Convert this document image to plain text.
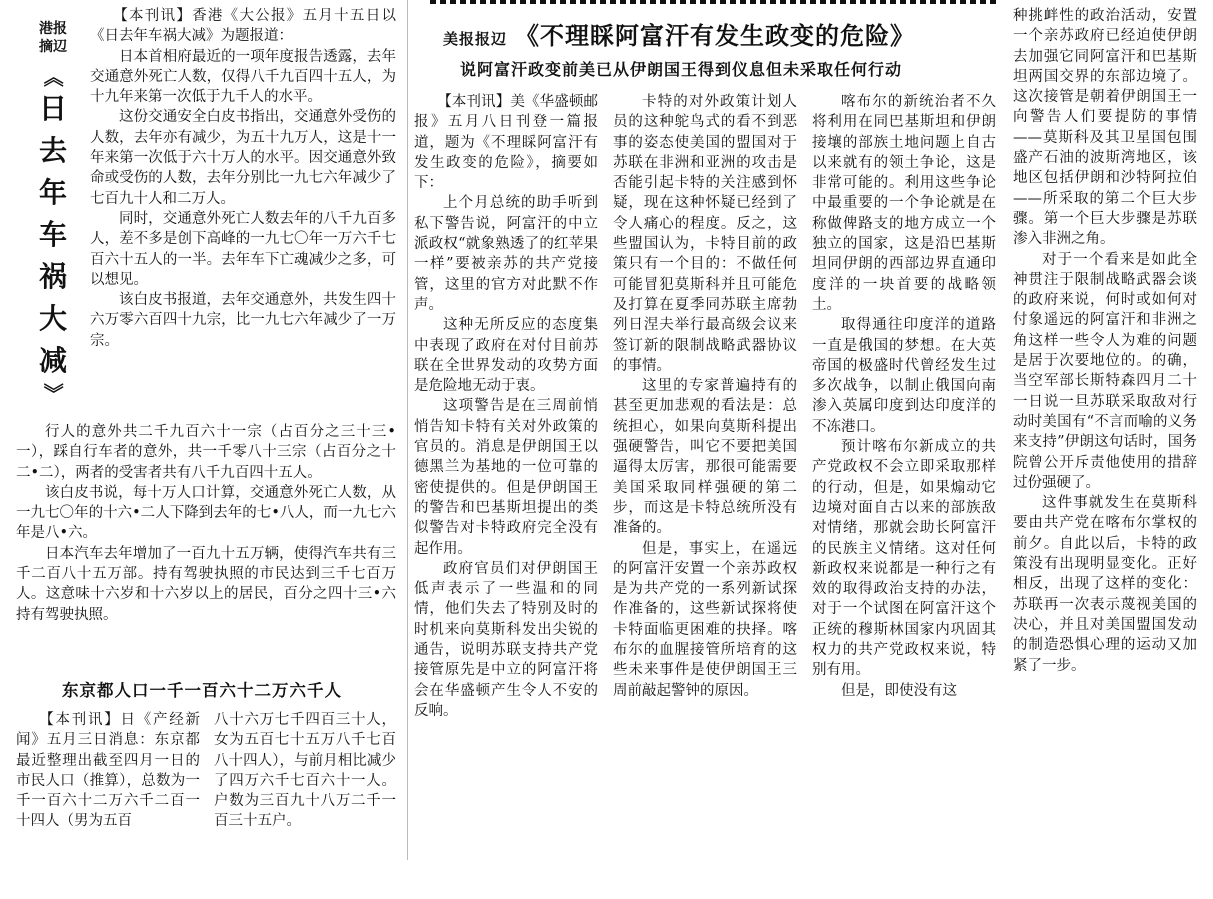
港报
摘辺
《
日
去
年
车
祸
大
减
》

【本刊讯】香港《大公报》五月十五日以《日去年车祸大减》为题报道：

日本首相府最近的一项年度报告透露，去年交通意外死亡人数，仅得八千九百四十五人，为十九年来第一次低于九千人的水平。

这份交通安全白皮书指出，交通意外受伤的人数，去年亦有减少，为五十九万人，这是十一年来第一次低于六十万人的水平。因交通意外致命或受伤的人数，去年分别比一九七六年减少了七百九十人和二万人。

同时，交通意外死亡人数去年的八千九百多人，差不多是创下高峰的一九七〇年一万六千七百六十五人的一半。去年车下亡魂减少之多，可以想见。

该白皮书报道，去年交通意外，共发生四十六万零六百四十九宗，比一九七六年减少了一万宗。

行人的意外共二千九百六十一宗（占百分之三十三•一），踩自行车者的意外，共一千零八十三宗（占百分之十二•二），两者的受害者共有八千九百四十五人。

该白皮书说，每十万人口计算，交通意外死亡人数，从一九七〇年的十六•二人下降到去年的七•八人，而一九七六年是八•六。

日本汽车去年增加了一百九十五万辆，使得汽车共有三千二百八十五万部。持有驾驶执照的市民达到三千七百万人。这意味十六岁和十六岁以上的居民，百分之四十三•六持有驾驶执照。

东京都人口一千一百六十二万六千人

【本刊讯】日《产经新闻》五月三日消息：东京都最近整理出截至四月一日的市民人口（推算），总数为一千一百六十二万六千二百一十四人（男为五百

八十六万七千四百三十人，女为五百七十五万八千七百八十四人），与前月相比减少了四万六千七百六十一人。户数为三百九十八万二千一百三十五户。

美报报辺 《不理睬阿富汗有发生政变的危险》
说阿富汗政变前美已从伊朗国王得到仪息但未采取任何行动

【本刊讯】美《华盛顿邮报》五月八日刊登一篇报道，题为《不理睬阿富汗有发生政变的危险》，摘要如下：

上个月总统的助手听到私下警告说，阿富汗的中立派政权“就象熟透了的红苹果一样”要被亲苏的共产党接管，这里的官方对此默不作声。

这种无所反应的态度集中表现了政府在对付目前苏联在全世界发动的攻势方面是危险地无动于衷。

这项警告是在三周前悄悄告知卡特有关对外政策的官员的。消息是伊朗国王以德黑兰为基地的一位可靠的密使提供的。但是伊朗国王的警告和巴基斯坦提出的类似警告对卡特政府完全没有起作用。

政府官员们对伊朗国王低声表示了一些温和的同情，他们失去了特别及时的时机来向莫斯科发出尖锐的通告，说明苏联支持共产党接管原先是中立的阿富汗将会在华盛顿产生令人不安的反响。

卡特的对外政策计划人员的这种鸵鸟式的看不到恶事的姿态使美国的盟国对于苏联在非洲和亚洲的攻击是否能引起卡特的关注感到怀疑，现在这种怀疑已经到了令人痛心的程度。反之，这些盟国认为，卡特目前的政策只有一个目的：不做任何可能冒犯莫斯科并且可能危及打算在夏季同苏联主席勃列日涅夫举行最高级会议来签订新的限制战略武器协议的事情。

这里的专家普遍持有的甚至更加悲观的看法是：总统担心，如果向莫斯科提出强硬警告，叫它不要把美国逼得太厉害，那很可能需要美国采取同样强硬的第二步，而这是卡特总统所没有准备的。

但是，事实上，在遥远的阿富汗安置一个亲苏政权是为共产党的一系列新试探作准备的，这些新试探将使卡特面临更困难的抉择。喀布尔的血腥接管所培育的这些未来事件是使伊朗国王三周前敲起警钟的原因。

喀布尔的新统治者不久将利用在同巴基斯坦和伊朗接壤的部族土地问题上自古以来就有的领土争论，这是非常可能的。利用这些争论中最重要的一个争论就是在称做俾路支的地方成立一个独立的国家，这是沿巴基斯坦同伊朗的西部边界直通印度洋的一块首要的战略领土。

取得通往印度洋的道路一直是俄国的梦想。在大英帝国的极盛时代曾经发生过多次战争，以制止俄国向南渗入英属印度到达印度洋的不冻港口。

预计喀布尔新成立的共产党政权不会立即采取那样的行动，但是，如果煽动它边境对面自古以来的部族敌对情绪，那就会助长阿富汗的民族主义情绪。这对任何新政权来说都是一种行之有效的取得政治支持的办法，对于一个试图在阿富汗这个正统的穆斯林国家内巩固其权力的共产党政权来说，特别有用。

但是，即使没有这

种挑衅性的政治活动，安置一个亲苏政府已经迫使伊朗去加强它同阿富汗和巴基斯坦两国交界的东部边境了。这次接管是朝着伊朗国王一向警告人们要提防的事情——莫斯科及其卫星国包围盛产石油的波斯湾地区，该地区包括伊朗和沙特阿拉伯——所采取的第二个巨大步骤。第一个巨大步骤是苏联渗入非洲之角。

对于一个看来是如此全神贯注于限制战略武器会谈的政府来说，何时或如何对付象遥远的阿富汗和非洲之角这样一些令人为难的问题是居于次要地位的。的确，当空军部长斯特森四月二十一日说一旦苏联采取敌对行动时美国有“不言而喻的义务来支持”伊朗这句话时，国务院曾公开斥责他使用的措辞过份强硬了。

这件事就发生在莫斯科要由共产党在喀布尔掌权的前夕。自此以后，卡特的政策没有出现明显变化。正好相反，出现了这样的变化：苏联再一次表示蔑视美国的决心，并且对美国盟国发动的制造恐惧心理的运动又加紧了一步。
